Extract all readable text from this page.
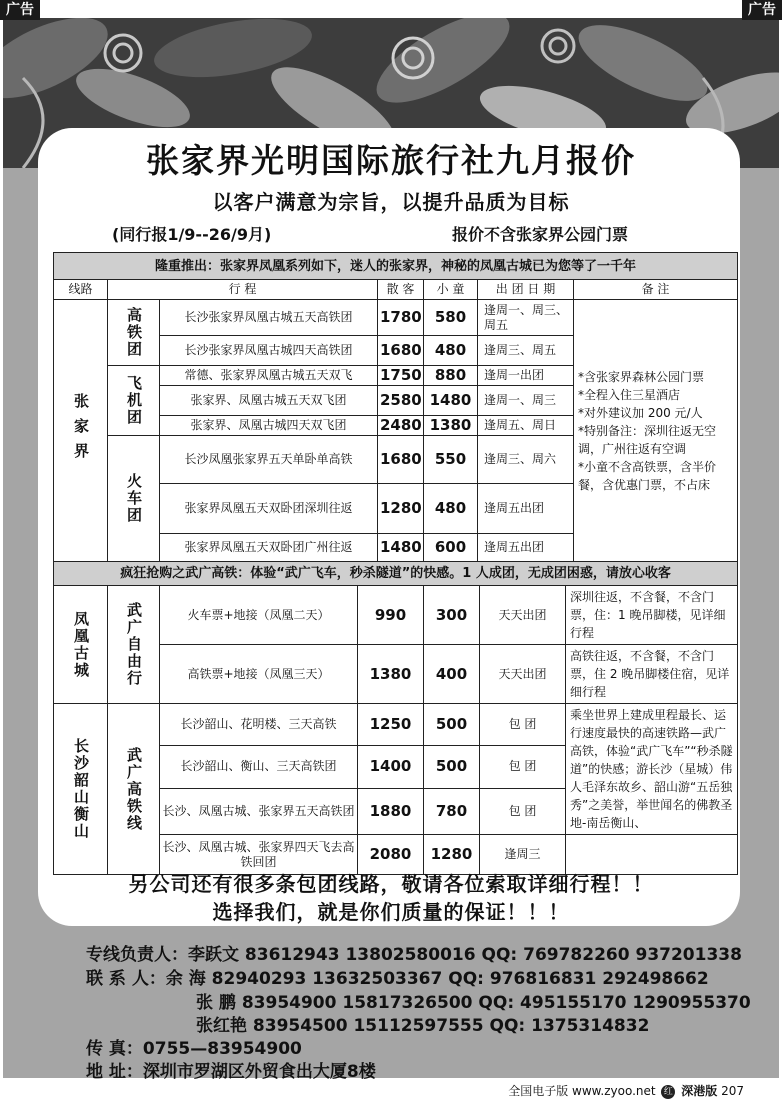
广告	广告
张家界光明国际旅行社九月报价
以客户满意为宗旨，以提升品质为目标
(同行报1/9--26/9月)	报价不含张家界公园门票
隆重推出：张家界凤凰系列如下，迷人的张家界，神秘的凤凰古城已为您等了一千年						
线路	行 程		散 客	小 童	出 团 日 期	备 注

张家界	高铁团	长沙张家界凤凰古城五天高铁团	1780	580	逢周一、周三、周五	*含张家界森林公园门票
*全程入住三星酒店
*对外建议加 200 元/人
*特别备注：深圳往返无空调，广州往返有空调
*小童不含高铁票，含半价餐，含优惠门票，不占床

		长沙张家界凤凰古城四天高铁团	1680	480	逢周三、周五	

	飞机团	常德、张家界凤凰古城五天双飞	1750	880	逢周一出团	
		张家界、凤凰古城五天双飞团	2580	1480	逢周一、周三	
		张家界、凤凰古城四天双飞团	2480	1380	逢周五、周日	

	火车团	长沙凤凰张家界五天单卧单高铁	1680	550	逢周三、周六	
		张家界凤凰五天双卧团深圳往返	1280	480	逢周五出团	
		张家界凤凰五天双卧团广州往返	1480	600	逢周五出团	
疯狂抢购之武广高铁：体验“武广飞车，秒杀隧道”的快感。1 人成团，无成团困惑，请放心收客						

凤凰古城	武广自由行	火车票+地接（凤凰二天）	990	300	天天出团	深圳往返，不含餐，不含门票，住：1 晚吊脚楼，见详细行程
		高铁票+地接（凤凰三天）	1380	400	天天出团	高铁往返，不含餐，不含门票，住 2 晚吊脚楼住宿，见详细行程

长沙韶山衡山	武广高铁线	长沙韶山、花明楼、三天高铁	1250	500	包 团	乘坐世界上建成里程最长、运行速度最快的高速铁路—武广高铁，体验“武广飞车”“秒杀隧道”的快感；游长沙（星城）伟人毛泽东故乡、韶山游“五岳独秀”之美誉，举世闻名的佛教圣地-南岳衡山、
		长沙韶山、衡山、三天高铁团	1400	500	包 团	
		长沙、凤凰古城、张家界五天高铁团	1880	780	包 团	
		长沙、凤凰古城、张家界四天飞去高铁回团	2080	1280	逢周三	
另公司还有很多条包团线路，敬请各位索取详细行程！！
选择我们，就是你们质量的保证！！！
专线负责人：李跃文 83612943 13802580016 QQ: 769782260 937201338
联 系 人：余 海 82940293 13632503367 QQ: 976816831 292498662
张 鹏 83954900 15817326500 QQ: 495155170 1290955370
张红艳 83954500 15112597555 QQ: 1375314832
传 真：0755—83954900
地 址：深圳市罗湖区外贸食出大厦8楼
全国电子版 www.zyoo.net 红 深港版 207
